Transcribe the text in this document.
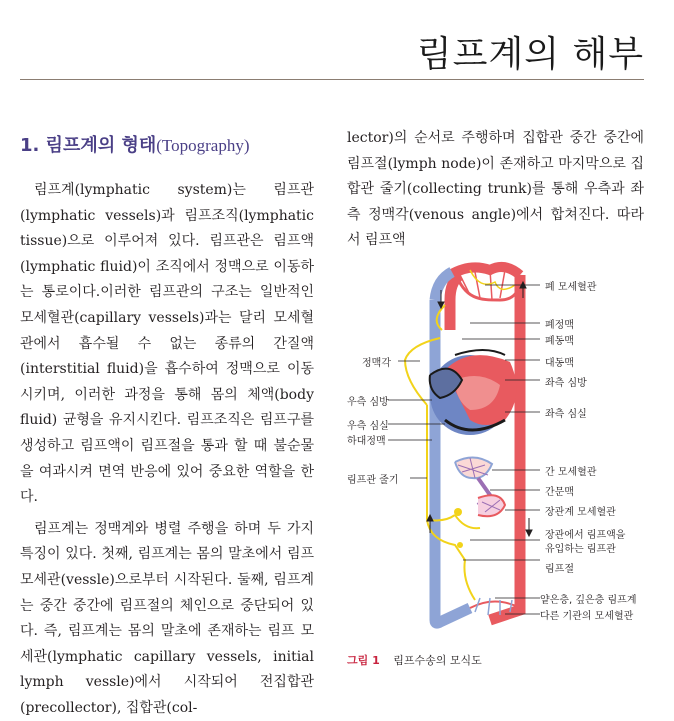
림프계의 해부
1. 림프계의 형태(Topography)

림프계(lymphatic system)는 림프관(lymphatic vessels)과 림프조직(lymphatic tissue)으로 이루어져 있다. 림프관은 림프액(lymphatic fluid)이 조직에서 정맥으로 이동하는 통로이다.이러한 림프관의 구조는 일반적인 모세혈관(capillary vessels)과는 달리 모세혈관에서 흡수될 수 없는 종류의 간질액(interstitial fluid)을 흡수하여 정맥으로 이동시키며, 이러한 과정을 통해 몸의 체액(body fluid) 균형을 유지시킨다. 림프조직은 림프구를 생성하고 림프액이 림프절을 통과 할 때 불순물을 여과시켜 면역 반응에 있어 중요한 역할을 한다.

림프계는 정맥계와 병렬 주행을 하며 두 가지 특징이 있다. 첫째, 림프계는 몸의 말초에서 림프모세관(vessle)으로부터 시작된다. 둘째, 림프계는 중간 중간에 림프절의 체인으로 중단되어 있다. 즉, 림프계는 몸의 말초에 존재하는 림프 모세관(lymphatic capillary vessels, initial lymph vessle)에서 시작되어 전집합관(precollector), 집합관(col-

lector)의 순서로 주행하며 집합관 중간 중간에 림프절(lymph node)이 존재하고 마지막으로 집합관 줄기(collecting trunk)를 통해 우측과 좌측 정맥각(venous angle)에서 합쳐진다. 따라서 림프액

폐 모세혈관
폐정맥
폐동맥
대동맥
좌측 심방
정맥각
우측 심방
좌측 심실
우측 심실
하대정맥
간 모세혈관
림프관 줄기
간문맥
장관계 모세혈관
장관에서 림프액을
유입하는 림프관
림프절
얕은층, 깊은층 림프계
다른 기관의 모세혈관
그림 1 림프수송의 모식도
